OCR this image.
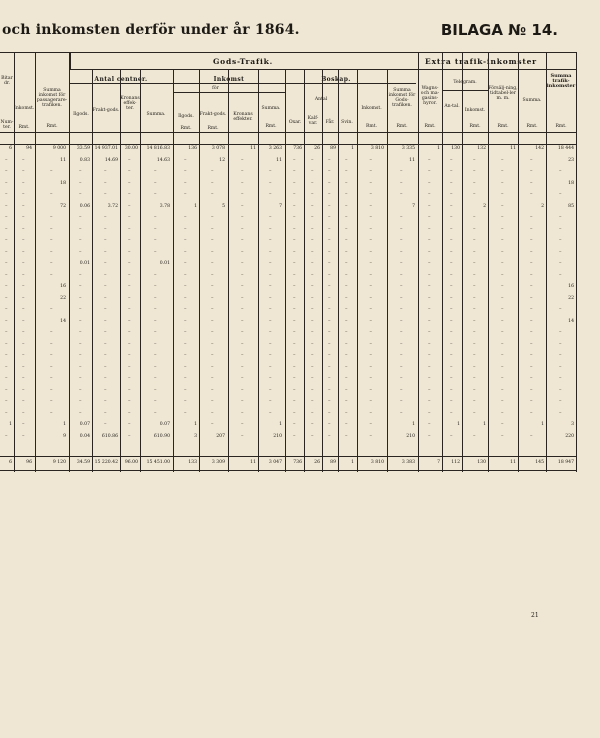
och inkomsten derför under år 1864.	BILAGA № 14.
Gods-Trafik.	Extra trafik-inkomster
Summa trafik-inkomster
Antal centner.	Inkomst	Boskap.
för
Antal
Telegram.
Bitar dr.
Inkomst.
Num-ter.	Rmt.
Summa inkomst för passagerare-trafiken.
Ilgods.
Frakt-gods.
Kronans effek-ter.
Summa.	Ilgods.	Frakt-gods.	Kronans effekter.
Summa.
Oxar.
Kalf-var.	Får.	Svin.
Inkomst.
Summa inkomst för Gods-trafiken.
Wagns- och ma-gasins-hyror.
An-tal.
Inkomst.
Försälj-ning, tidtabel-ler m. m.	Summa.
Rmt.	Rmt.	Rmt.	Rmt.	Rmt.	Rmt.	Rmt.	Rmt.	Rmt.	Rmt.	Rmt.
6	94	9 000	33.59	14 937.01	30.00	14 816.83	136	3 078	11	3 263	736	26	89	1	3 810	3 335	1	130	132	11	142	18 444
–	–	11	0.83	14.69 –	14.63	–	12	–	11 –	–	–	–	–	11	–	–	–	–	–	23
–	–	–	–	–	–	–	–	–	–	–	–	–	–	–	–	–	–	–	–	–	–	–
–	–	18	–	–	–	–	–	–	–	–	–	–	–	–	–	–	–	–	–	–	–	18
–	–	–	–	–	–	–	–	–	–	–	–	–	–	–	–	–	–	–	–	–	–	–
–	–	72	0.06	3.72 –	3.78	1	5	–	7 –	–	–	–	–	7	–	–	2	–	2	85
–	–	–	–	–	–	–	–	–	–	–	–	–	–	–	–	–	–	–	–	–	–	–
–	–	–	–	–	–	–	–	–	–	–	–	–	–	–	–	–	–	–	–	–	–	–
–	–	–	–	–	–	–	–	–	–	–	–	–	–	–	–	–	–	–	–	–	–	–
–	–	–	–	–	–	–	–	–	–	–	–	–	–	–	–	–	–	–	–	–	–	–
–	–	–	0.01	–	–	0.01	–	–	–	–	–	–	–	–	–	–	–	–	–	–	–	–
–	–	–	–	–	–	–	–	–	–	–	–	–	–	–	–	–	–	–	–	–	–	–
–	–	16	–	–	–	–	–	–	–	–	–	–	–	–	–	–	–	–	–	–	–	16
–	–	22	–	–	–	–	–	–	–	–	–	–	–	–	–	–	–	–	–	–	–	22
–	–	–	–	–	–	–	–	–	–	–	–	–	–	–	–	–	–	–	–	–	–	–
–	–	14	–	–	–	–	–	–	–	–	–	–	–	–	–	–	–	–	–	–	–	14
–	–	–	–	–	–	–	–	–	–	–	–	–	–	–	–	–	–	–	–	–	–	–
–	–	–	–	–	–	–	–	–	–	–	–	–	–	–	–	–	–	–	–	–	–	–
–	–	–	–	–	–	–	–	–	–	–	–	–	–	–	–	–	–	–	–	–	–	–
–	–	–	–	–	–	–	–	–	–	–	–	–	–	–	–	–	–	–	–	–	–	–
–	–	–	–	–	–	–	–	–	–	–	–	–	–	–	–	–	–	–	–	–	–	–
–	–	–	–	–	–	–	–	–	–	–	–	–	–	–	–	–	–	–	–	–	–	–
–	–	–	–	–	–	–	–	–	–	–	–	–	–	–	–	–	–	–	–	–	–	–
–	–	–	–	–	–	–	–	–	–	–	–	–	–	–	–	–	–	–	–	–	–	–
1 –	1	0.07	–	–	0.07	1	–	–	1 –	–	–	–	–	1	–	1	1	–	1	3
–	–	9	0.04	610.86 –	610.90	3	207	–	210 –	–	–	–	–	210	–	–	–	–	–	220
6	96	9 120	34.59	15 220.42	96.00	15 451.00	133	3 309	11	3 047	736	26	89	1	3 810	3 383	7	112	130	11	145	18 947
21
